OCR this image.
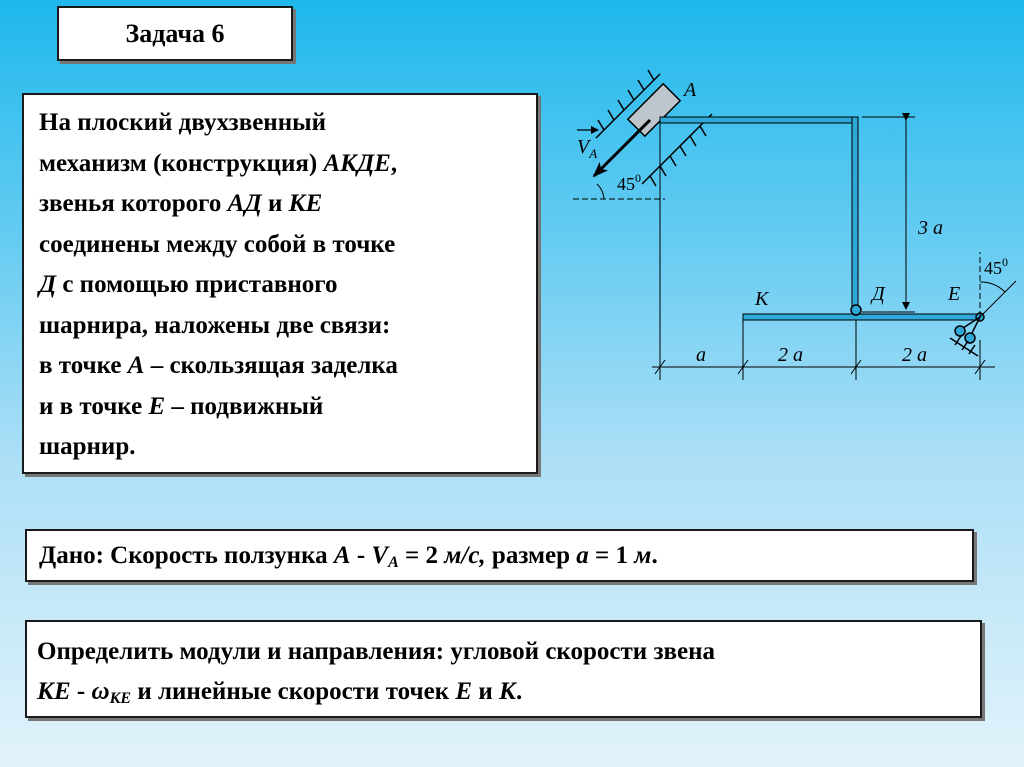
Задача 6
На плоский двухзвенный
механизм (конструкция) АКДЕ,
звенья которого АД и КЕ
соединены между собой в точке
Д с помощью приставного
шарнира, наложены две связи:
в точке А – скользящая заделка
и в точке Е – подвижный
шарнир.
A
$V_A$
$45^0$
3 а
$45^0$
К	Д	Е
а	2 а	2 а
Дано: Скорость ползунка $А - V_A = 2$ м/с, размер a = 1 м.
Определить модули и направления: угловой скорости звена
КЕ - $\omega_{КЕ}$ и линейные скорости точек Е и К.
